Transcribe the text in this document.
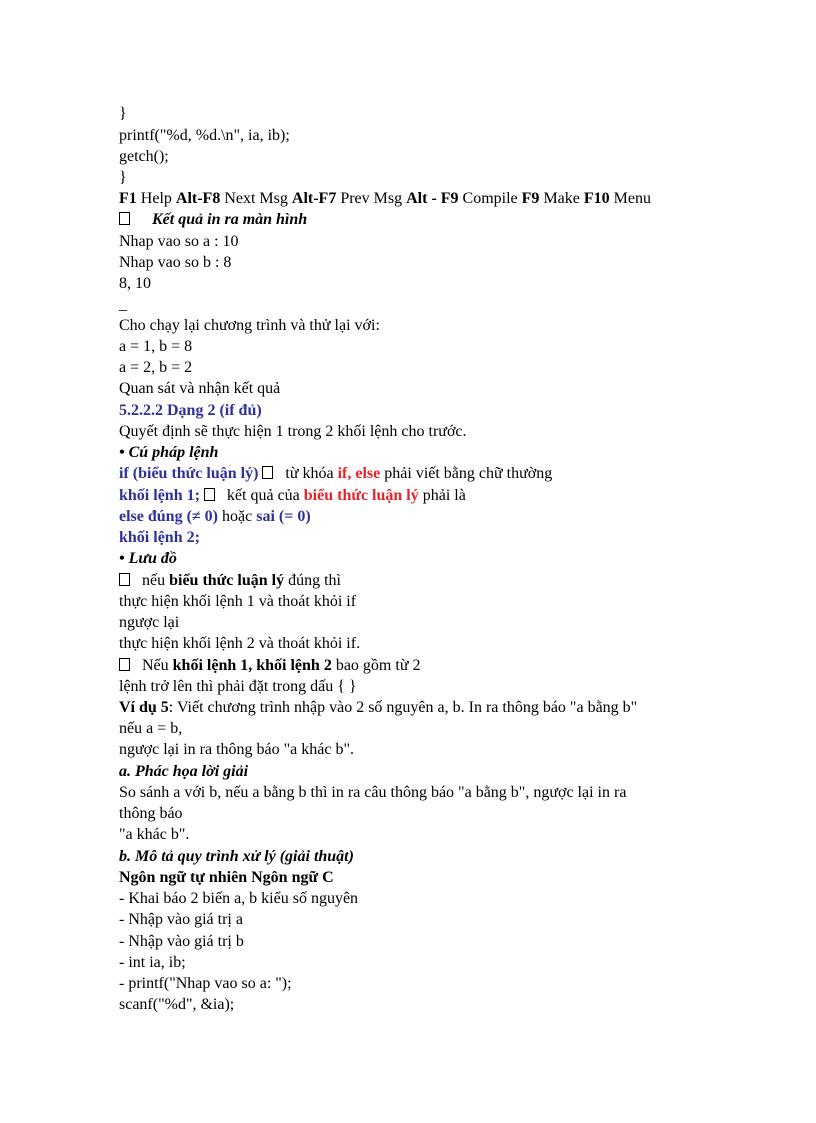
}
printf("%d, %d.\n", ia, ib);
getch();
}
F1 Help Alt-F8 Next Msg Alt-F7 Prev Msg Alt - F9 Compile F9 Make F10 Menu
Kết quả in ra màn hình
Nhap vao so a : 10
Nhap vao so b : 8
8, 10
_
Cho chạy lại chương trình và thử lại với:
a = 1, b = 8
a = 2, b = 2
Quan sát và nhận kết quả
5.2.2.2 Dạng 2 (if đủ)
Quyết định sẽ thực hiện 1 trong 2 khối lệnh cho trước.
• Cú pháp lệnh
if (biểu thức luận lý) từ khóa if, else phải viết bằng chữ thường
khối lệnh 1; kết quả của biểu thức luận lý phải là
else đúng (≠ 0) hoặc sai (= 0)
khối lệnh 2;
• Lưu đồ
nếu biểu thức luận lý đúng thì
thực hiện khối lệnh 1 và thoát khỏi if
ngược lại
thực hiện khối lệnh 2 và thoát khỏi if.
Nếu khối lệnh 1, khối lệnh 2 bao gồm từ 2
lệnh trở lên thì phải đặt trong dấu { }
Ví dụ 5: Viết chương trình nhập vào 2 số nguyên a, b. In ra thông báo "a bằng b"
nếu a = b,
ngược lại in ra thông báo "a khác b".
a. Phác họa lời giải
So sánh a với b, nếu a bằng b thì in ra câu thông báo "a bằng b", ngược lại in ra
thông báo
"a khác b".
b. Mô tả quy trình xử lý (giải thuật)
Ngôn ngữ tự nhiên Ngôn ngữ C
- Khai báo 2 biến a, b kiểu số nguyên
- Nhập vào giá trị a
- Nhập vào giá trị b
- int ia, ib;
- printf("Nhap vao so a: ");
scanf("%d", &ia);
